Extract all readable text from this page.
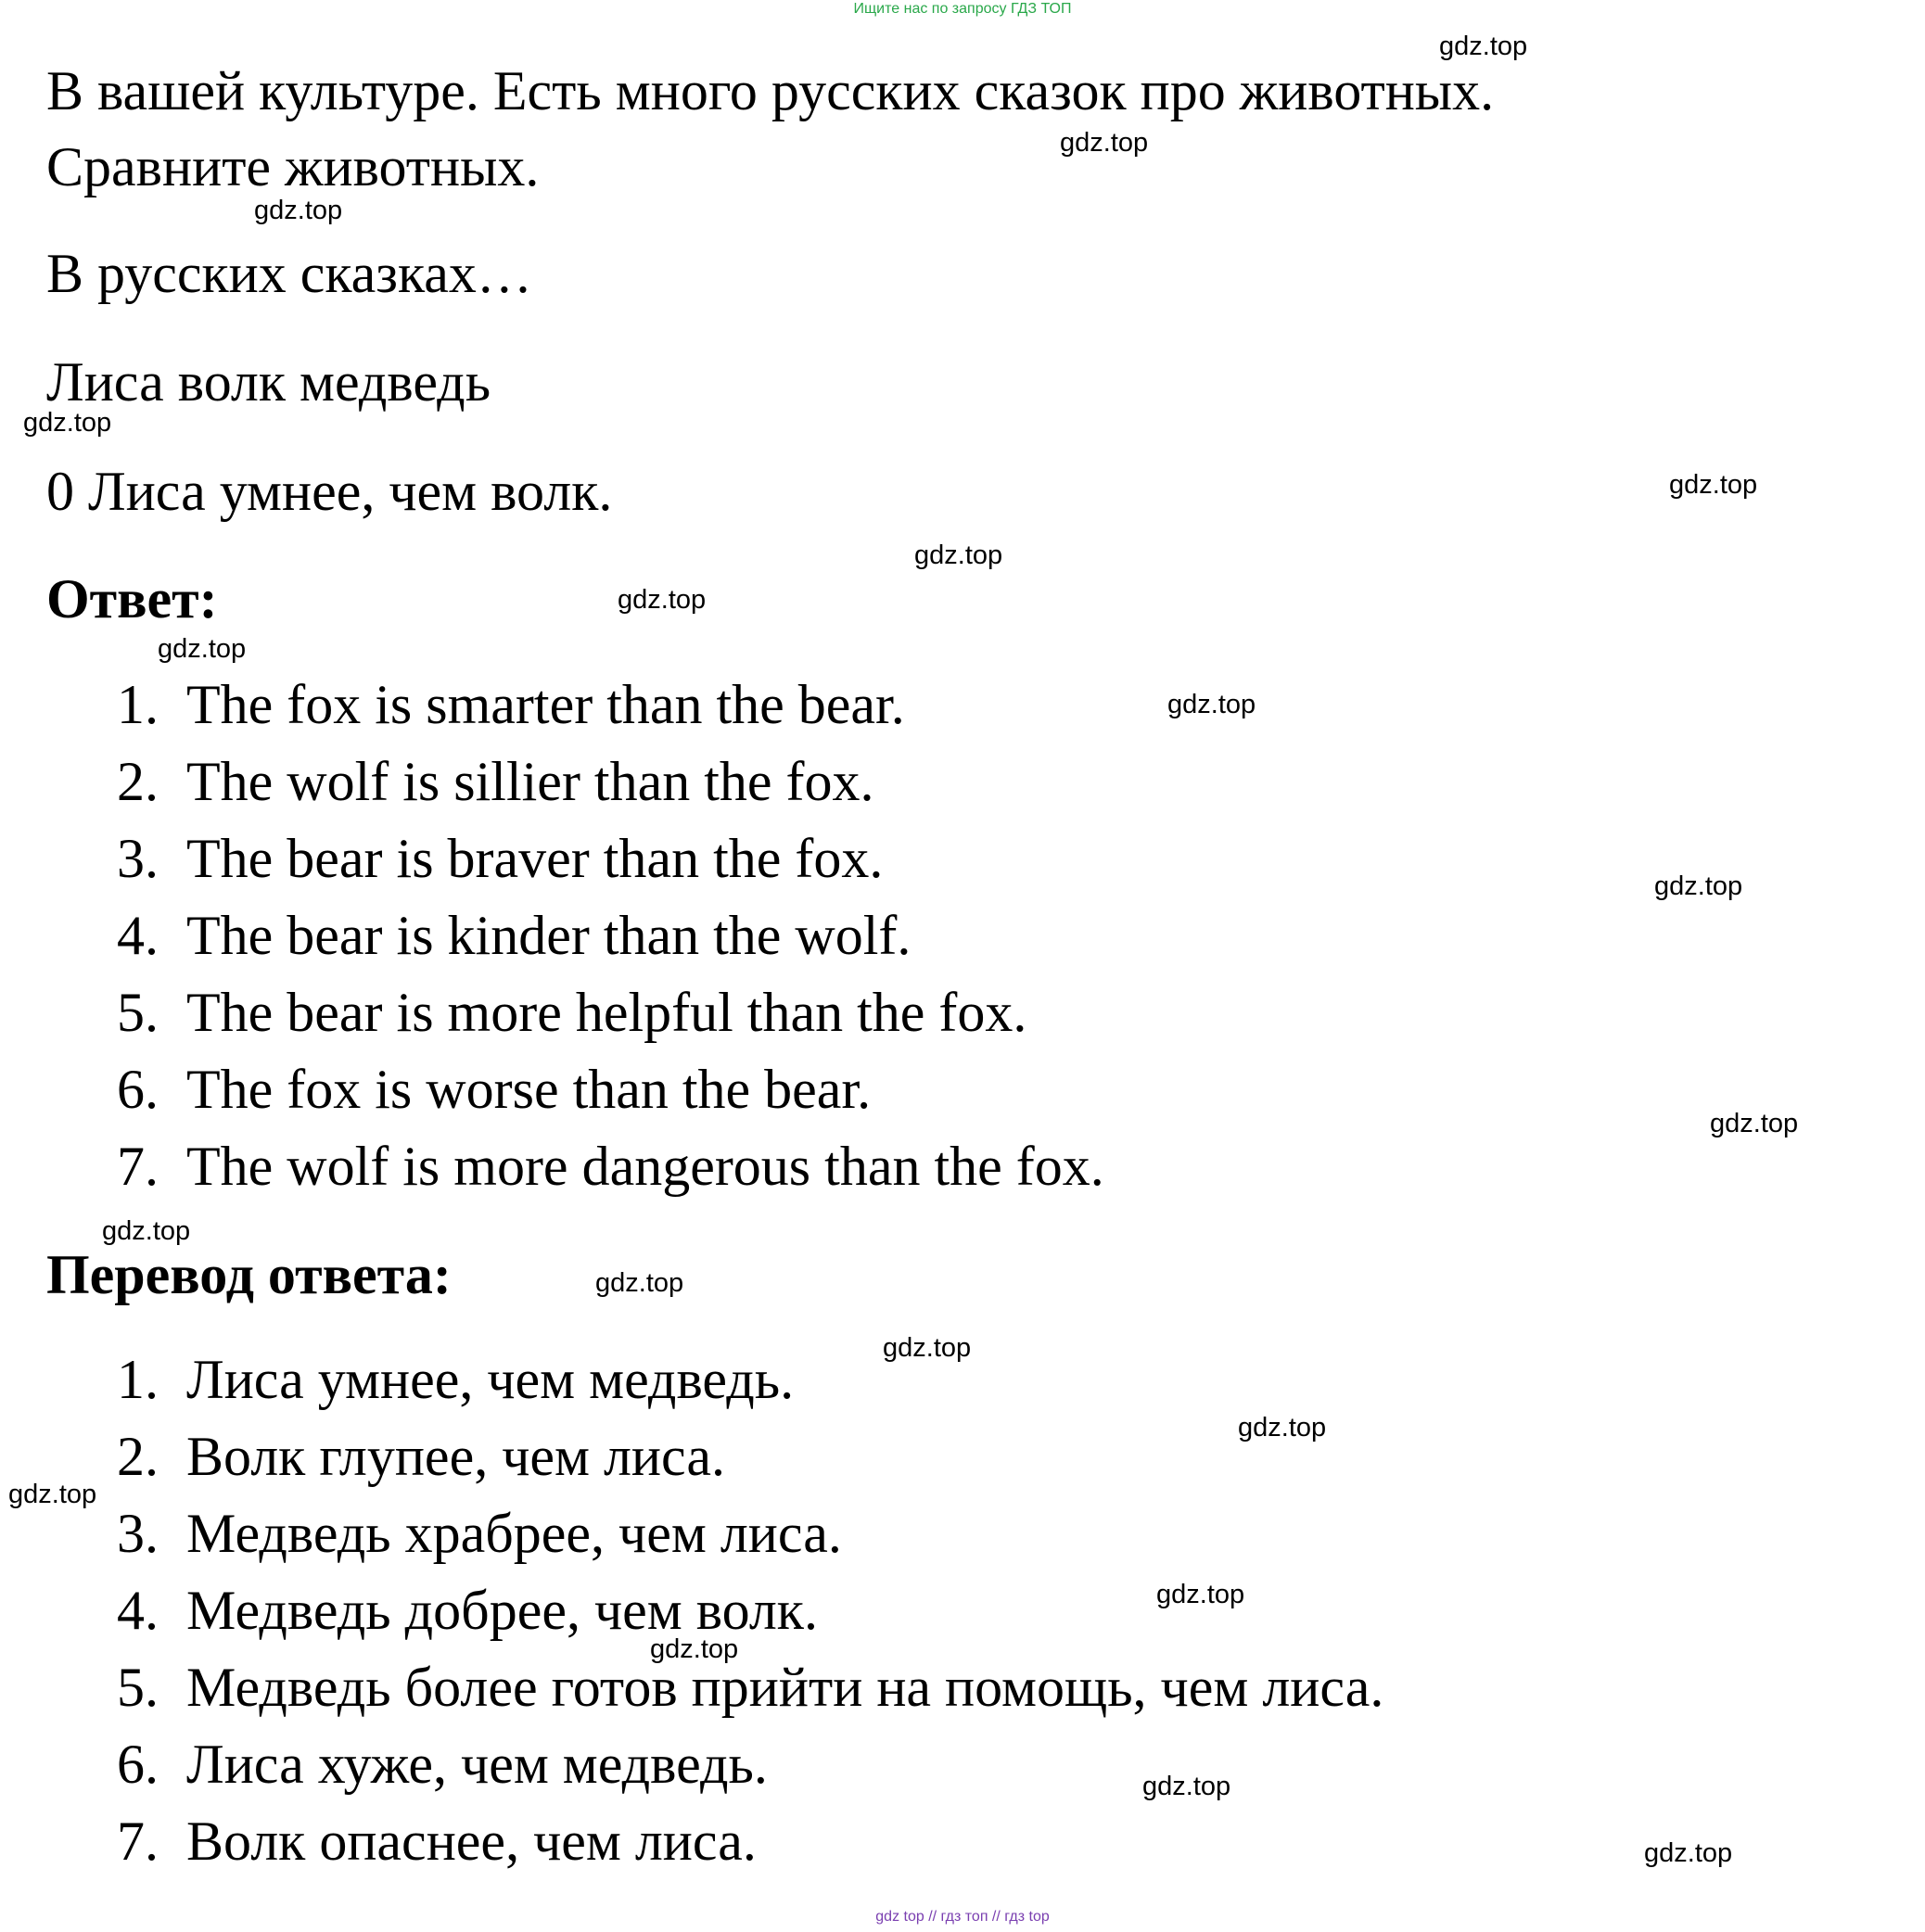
Ищите нас по запросу ГДЗ ТОП
В вашей культуре. Есть много русских сказок про животных.
Сравните животных.
В русских сказках…
Лиса волк медведь
0 Лиса умнее, чем волк.
Ответ:
1. The fox is smarter than the bear.
2. The wolf is sillier than the fox.
3. The bear is braver than the fox.
4. The bear is kinder than the wolf.
5. The bear is more helpful than the fox.
6. The fox is worse than the bear.
7. The wolf is more dangerous than the fox.
Перевод ответа:
1. Лиса умнее, чем медведь.
2. Волк глупее, чем лиса.
3. Медведь храбрее, чем лиса.
4. Медведь добрее, чем волк.
5. Медведь более готов прийти на помощь, чем лиса.
6. Лиса хуже, чем медведь.
7. Волк опаснее, чем лиса.
gdz.top
gdz.top
gdz.top
gdz.top
gdz.top
gdz.top
gdz.top
gdz.top
gdz.top
gdz.top
gdz.top
gdz.top
gdz.top
gdz.top
gdz.top
gdz.top
gdz.top
gdz.top
gdz.top
gdz.top
gdz top // гдз топ // гдз top
